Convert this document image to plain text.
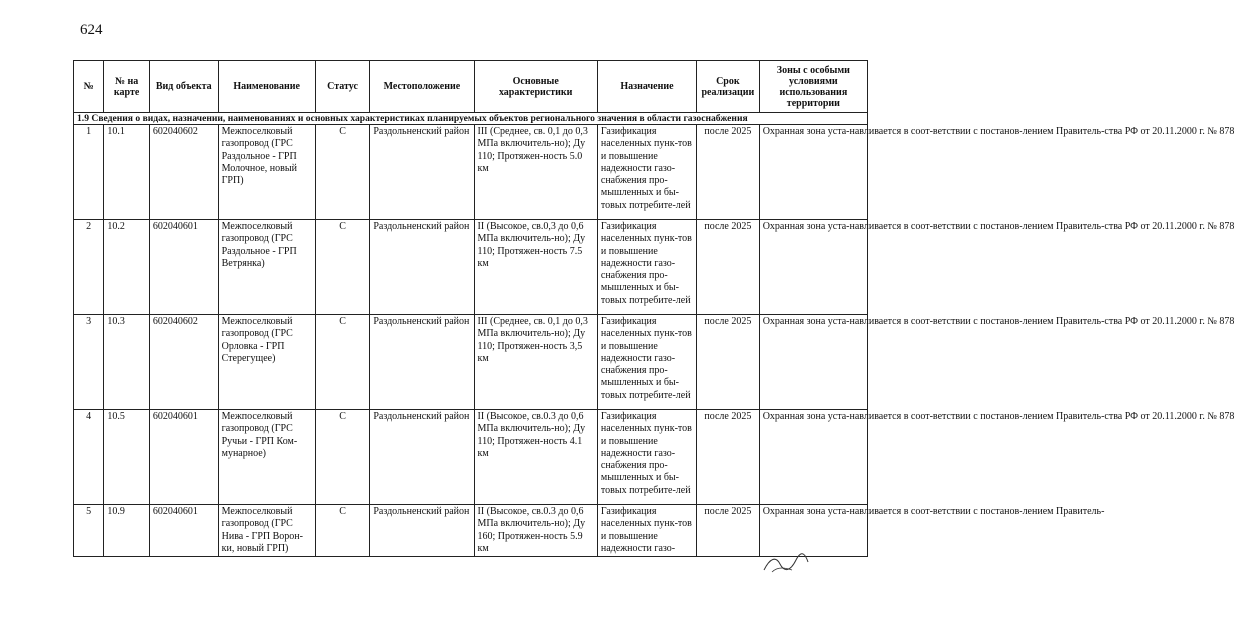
624
№	№ на карте	Вид объекта	Наименование	Статус	Местоположение	Основные характеристики	Назначение	Срок реализации	Зоны с особыми условиями использования территории
1.9 Сведения о видах, назначении, наименованиях и основных характеристиках планируемых объектов регионального значения в области газоснабжения									
1	10.1	602040602	Межпоселковый газопровод (ГРС Раздольное - ГРП Молочное, новый ГРП)	С	Раздольненский район	III (Среднее, св. 0,1 до 0,3 МПа включитель-но); Ду 110; Протяжен-ность 5.0 км	Газификация населенных пунк-тов и повышение надежности газо-снабжения про-мышленных и бы-товых потребите-лей	после 2025	Охранная зона уста-навливается в соот-ветствии с постанов-лением Правитель-ства РФ от 20.11.2000 г. № 878
2	10.2	602040601	Межпоселковый газопровод (ГРС Раздольное - ГРП Ветрянка)	С	Раздольненский район	II (Высокое, св.0,3 до 0,6 МПа включитель-но); Ду 110; Протяжен-ность 7.5 км	Газификация населенных пунк-тов и повышение надежности газо-снабжения про-мышленных и бы-товых потребите-лей	после 2025	Охранная зона уста-навливается в соот-ветствии с постанов-лением Правитель-ства РФ от 20.11.2000 г. № 878
3	10.3	602040602	Межпоселковый газопровод (ГРС Орловка - ГРП Стерегущее)	С	Раздольненский район	III (Среднее, св. 0,1 до 0,3 МПа включитель-но); Ду 110; Протяжен-ность 3,5 км	Газификация населенных пунк-тов и повышение надежности газо-снабжения про-мышленных и бы-товых потребите-лей	после 2025	Охранная зона уста-навливается в соот-ветствии с постанов-лением Правитель-ства РФ от 20.11.2000 г. № 878
4	10.5	602040601	Межпоселковый газопровод (ГРС Ручьи - ГРП Ком-мунарное)	С	Раздольненский район	II (Высокое, св.0.3 до 0,6 МПа включитель-но); Ду 110; Протяжен-ность 4.1 км	Газификация населенных пунк-тов и повышение надежности газо-снабжения про-мышленных и бы-товых потребите-лей	после 2025	Охранная зона уста-навливается в соот-ветствии с постанов-лением Правитель-ства РФ от 20.11.2000 г. № 878
5	10.9	602040601	Межпоселковый газопровод (ГРС Нива - ГРП Ворон-ки, новый ГРП)	С	Раздольненский район	II (Высокое, св.0.3 до 0,6 МПа включитель-но); Ду 160; Протяжен-ность 5.9 км	Газификация населенных пунк-тов и повышение надежности газо-	после 2025	Охранная зона уста-навливается в соот-ветствии с постанов-лением Правитель-
